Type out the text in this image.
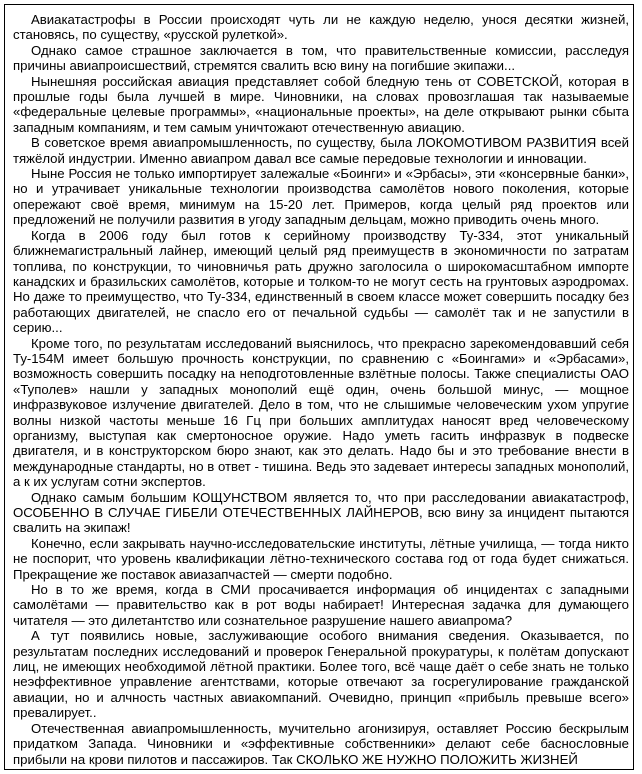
Авиакатастрофы в России происходят чуть ли не каждую неделю, унося десятки жизней, становясь, по существу, «русской рулеткой».

Однако самое страшное заключается в том, что правительственные комиссии, расследуя причины авиапроисшествий, стремятся свалить всю вину на погибшие экипажи...

Нынешняя российская авиация представляет собой бледную тень от СОВЕТСКОЙ, которая в прошлые годы была лучшей в мире. Чиновники, на словах провозглашая так называемые «федеральные целевые программы», «национальные проекты», на деле открывают рынки сбыта западным компаниям, и тем самым уничтожают отечественную авиацию.

В советское время авиапромышленность, по существу, была ЛОКОМОТИВОМ РАЗВИТИЯ всей тяжёлой индустрии. Именно авиапром давал все самые передовые технологии и инновации.

Ныне Россия не только импортирует залежалые «Боинги» и «Эрбасы», эти «консервные банки», но и утрачивает уникальные технологии производства самолётов нового поколения, которые опережают своё время, минимум на 15-20 лет. Примеров, когда целый ряд проектов или предложений не получили развития в угоду западным дельцам, можно приводить очень много.

Когда в 2006 году был готов к серийному производству Ту-334, этот уникальный ближнемагистральный лайнер, имеющий целый ряд преимуществ в экономичности по затратам топлива, по конструкции, то чиновничья рать дружно заголосила о широкомасштабном импорте канадских и бразильских самолётов, которые и толком-то не могут сесть на грунтовых аэродромах. Но даже то преимущество, что Ту-334, единственный в своем классе может совершить посадку без работающих двигателей, не спасло его от печальной судьбы — самолёт так и не запустили в серию...

Кроме того, по результатам исследований выяснилось, что прекрасно зарекомендовавший себя Ту-154М имеет большую прочность конструкции, по сравнению с «Боингами» и «Эрбасами», возможность совершить посадку на неподготовленные взлётные полосы. Также специалисты ОАО «Туполев» нашли у западных монополий ещё один, очень большой минус, — мощное инфразвуковое излучение двигателей. Дело в том, что не слышимые человеческим ухом упругие волны низкой частоты меньше 16 Гц при больших амплитудах наносят вред человеческому организму, выступая как смертоносное оружие. Надо уметь гасить инфразвук в подвеске двигателя, и в конструкторском бюро знают, как это делать. Надо бы и это требование внести в международные стандарты, но в ответ - тишина. Ведь это задевает интересы западных монополий, а к их услугам сотни экспертов.

Однако самым большим КОЩУНСТВОМ является то, что при расследовании авиакатастроф, ОСОБЕННО В СЛУЧАЕ ГИБЕЛИ ОТЕЧЕСТВЕННЫХ ЛАЙНЕРОВ, всю вину за инцидент пытаются свалить на экипаж!

Конечно, если закрывать научно-исследовательские институты, лётные училища, — тогда никто не поспорит, что уровень квалификации лётно-технического состава год от года будет снижаться. Прекращение же поставок авиазапчастей — смерти подобно.

Но в то же время, когда в СМИ просачивается информация об инцидентах с западными самолётами — правительство как в рот воды набирает! Интересная задачка для думающего читателя — это дилетантство или сознательное разрушение нашего авиапрома?

А тут появились новые, заслуживающие особого внимания сведения. Оказывается, по результатам последних исследований и проверок Генеральной прокуратуры, к полётам допускают лиц, не имеющих необходимой лётной практики. Более того, всё чаще даёт о себе знать не только неэффективное управление агентствами, которые отвечают за госрегулирование гражданской авиации, но и алчность частных авиакомпаний. Очевидно, принцип «прибыль превыше всего» превалирует..

Отечественная авиапромышленность, мучительно агонизируя, оставляет Россию бескрылым придатком Запада. Чиновники и «эффективные собственники» делают себе баснословные прибыли на крови пилотов и пассажиров. Так СКОЛЬКО ЖЕ НУЖНО ПОЛОЖИТЬ ЖИЗНЕЙ
